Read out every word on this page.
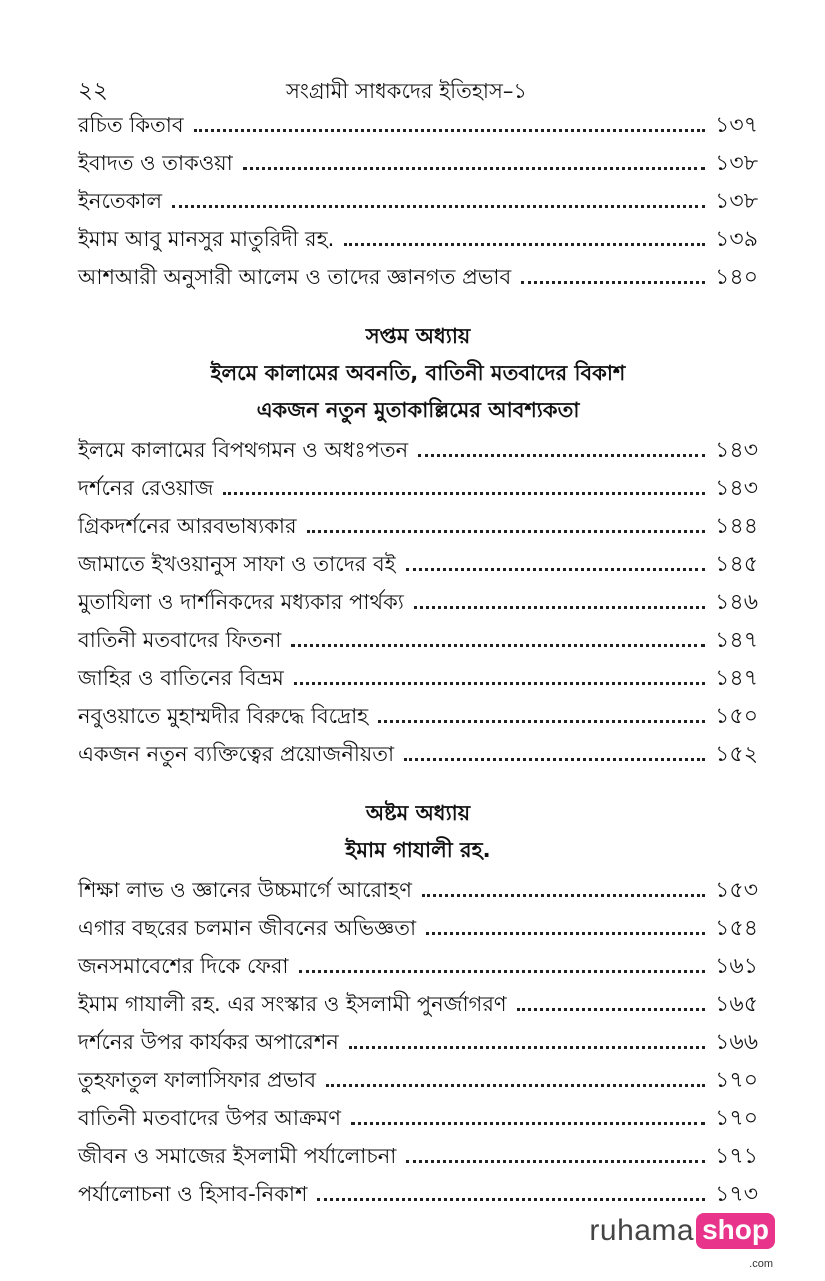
২২	সংগ্রামী সাধকদের ইতিহাস–১
রচিত কিতাব	১৩৭
ইবাদত ও তাকওয়া	১৩৮
ইনতেকাল	১৩৮
ইমাম আবু মানসুর মাতুরিদী রহ.	১৩৯
আশআরী অনুসারী আলেম ও তাদের জ্ঞানগত প্রভাব	১৪০
সপ্তম অধ্যায়
ইলমে কালামের অবনতি, বাতিনী মতবাদের বিকাশ
একজন নতুন মুতাকাল্লিমের আবশ্যকতা
ইলমে কালামের বিপথগমন ও অধঃপতন	১৪৩
দর্শনের রেওয়াজ	১৪৩
গ্রিকদর্শনের আরবভাষ্যকার	১৪৪
জামাতে ইখওয়ানুস সাফা ও তাদের বই	১৪৫
মুতাযিলা ও দার্শনিকদের মধ্যকার পার্থক্য	১৪৬
বাতিনী মতবাদের ফিতনা	১৪৭
জাহির ও বাতিনের বিভ্রম	১৪৭
নবুওয়াতে মুহাম্মদীর বিরুদ্ধে বিদ্রোহ	১৫০
একজন নতুন ব্যক্তিত্বের প্রয়োজনীয়তা	১৫২
অষ্টম অধ্যায়
ইমাম গাযালী রহ.
শিক্ষা লাভ ও জ্ঞানের উচ্চমার্গে আরোহণ	১৫৩
এগার বছরের চলমান জীবনের অভিজ্ঞতা	১৫৪
জনসমাবেশের দিকে ফেরা	১৬১
ইমাম গাযালী রহ. এর সংস্কার ও ইসলামী পুনর্জাগরণ	১৬৫
দর্শনের উপর কার্যকর অপারেশন	১৬৬
তুহফাতুল ফালাসিফার প্রভাব	১৭০
বাতিনী মতবাদের উপর আক্রমণ	১৭০
জীবন ও সমাজের ইসলামী পর্যালোচনা	১৭১
পর্যালোচনা ও হিসাব-নিকাশ	১৭৩
ruhama shop
.com
